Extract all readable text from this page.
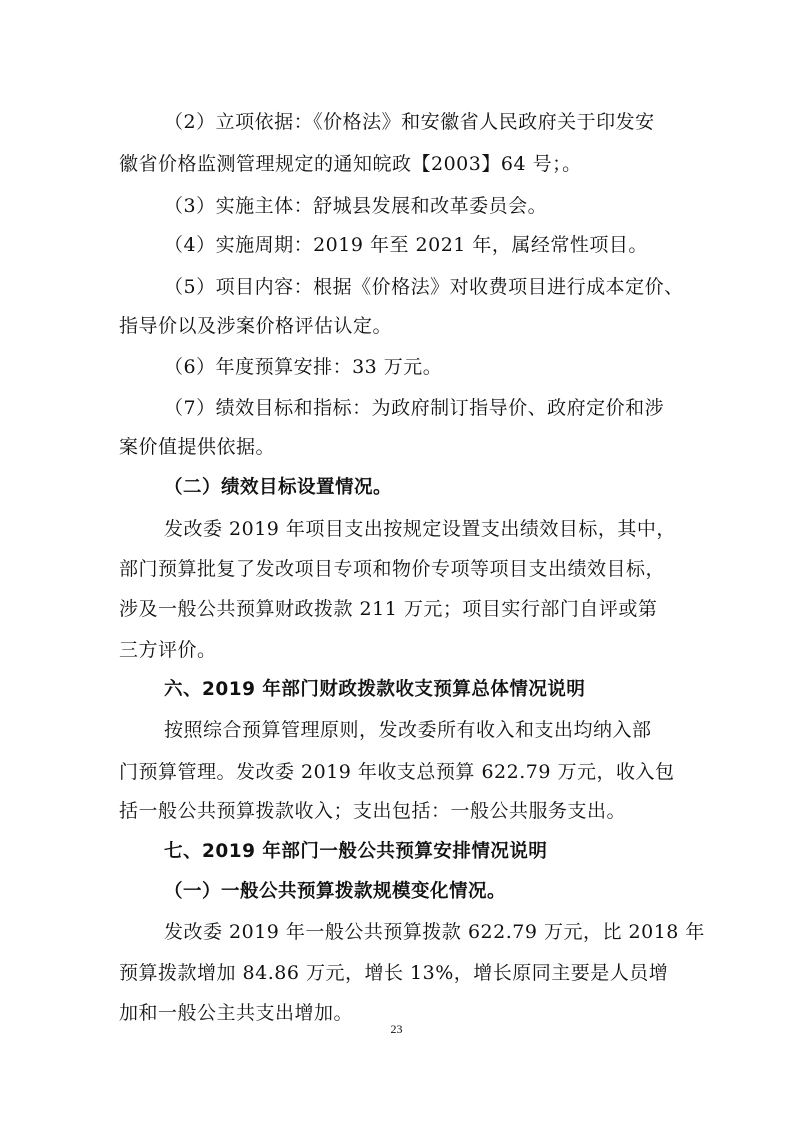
（2）立项依据：《价格法》和安徽省人民政府关于印发安
徽省价格监测管理规定的通知皖政【2003】64 号；。
（3）实施主体：舒城县发展和改革委员会。
（4）实施周期：2019 年至 2021 年，属经常性项目。
（5）项目内容：根据《价格法》对收费项目进行成本定价、
指导价以及涉案价格评估认定。
（6）年度预算安排：33 万元。
（7）绩效目标和指标：为政府制订指导价、政府定价和涉
案价值提供依据。
（二）绩效目标设置情况。
发改委 2019 年项目支出按规定设置支出绩效目标，其中，
部门预算批复了发改项目专项和物价专项等项目支出绩效目标，
涉及一般公共预算财政拨款 211 万元；项目实行部门自评或第
三方评价。
六、2019 年部门财政拨款收支预算总体情况说明
按照综合预算管理原则，发改委所有收入和支出均纳入部
门预算管理。发改委 2019 年收支总预算 622.79 万元，收入包
括一般公共预算拨款收入；支出包括：一般公共服务支出。
七、2019 年部门一般公共预算安排情况说明
（一）一般公共预算拨款规模变化情况。
发改委 2019 年一般公共预算拨款 622.79 万元，比 2018 年
预算拨款增加 84.86 万元，增长 13%，增长原同主要是人员增
加和一般公主共支出增加。
23
